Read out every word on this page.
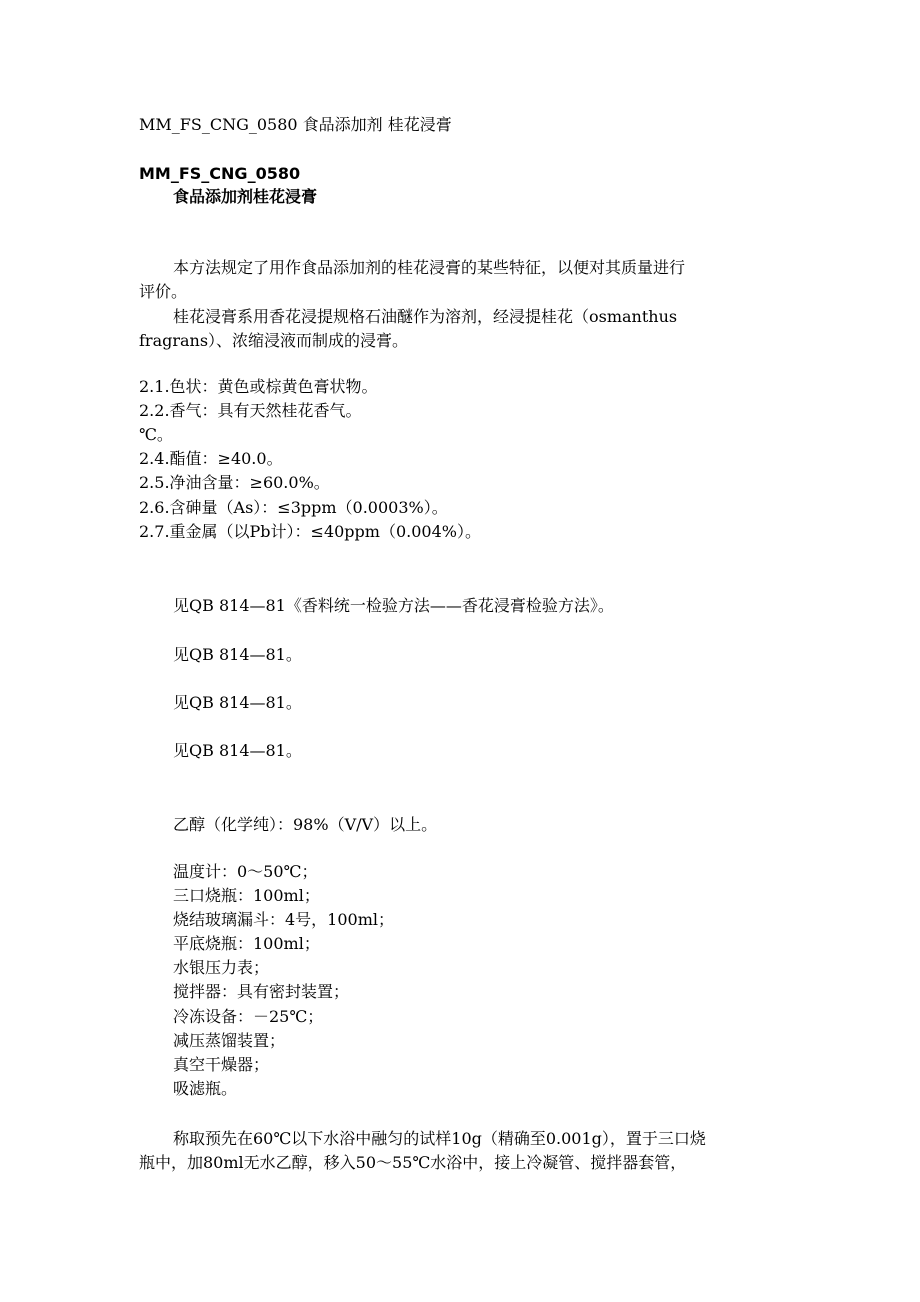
MM_FS_CNG_0580 食品添加剂 桂花浸膏
MM_FS_CNG_0580
食品添加剂桂花浸膏
本方法规定了用作食品添加剂的桂花浸膏的某些特征，以便对其质量进行
评价。
桂花浸膏系用香花浸提规格石油醚作为溶剂，经浸提桂花（osmanthus
fragrans）、浓缩浸液而制成的浸膏。
2.1.色状：黄色或棕黄色膏状物。
2.2.香气：具有天然桂花香气。
℃。
2.4.酯值：≥40.0。
2.5.净油含量：≥60.0%。
2.6.含砷量（As）：≤3ppm（0.0003%）。
2.7.重金属（以Pb计）：≤40ppm（0.004%）。
见QB 814—81《香料统一检验方法——香花浸膏检验方法》。
见QB 814—81。
见QB 814—81。
见QB 814—81。
乙醇（化学纯）：98%（V/V）以上。
温度计：0～50℃；
三口烧瓶：100ml；
烧结玻璃漏斗：4号，100ml；
平底烧瓶：100ml；
水银压力表；
搅拌器：具有密封装置；
冷冻设备：－25℃；
减压蒸馏装置；
真空干燥器；
吸滤瓶。
称取预先在60℃以下水浴中融匀的试样10g（精确至0.001g），置于三口烧
瓶中，加80ml无水乙醇，移入50～55℃水浴中，接上冷凝管、搅拌器套管，
